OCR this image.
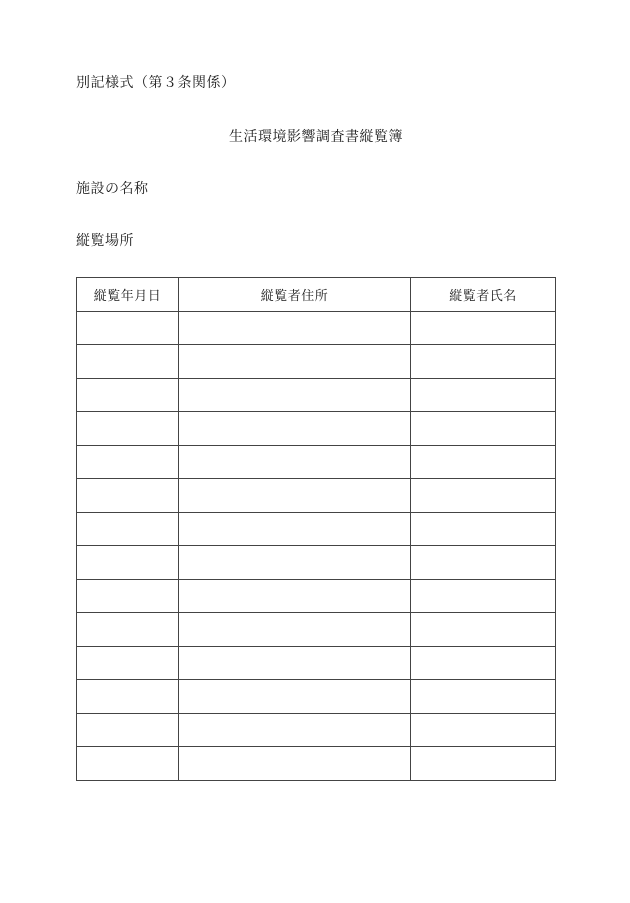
別記様式（第３条関係）
生活環境影響調査書縦覧簿
施設の名称
縦覧場所
縦覧年月日	縦覧者住所	縦覧者氏名
